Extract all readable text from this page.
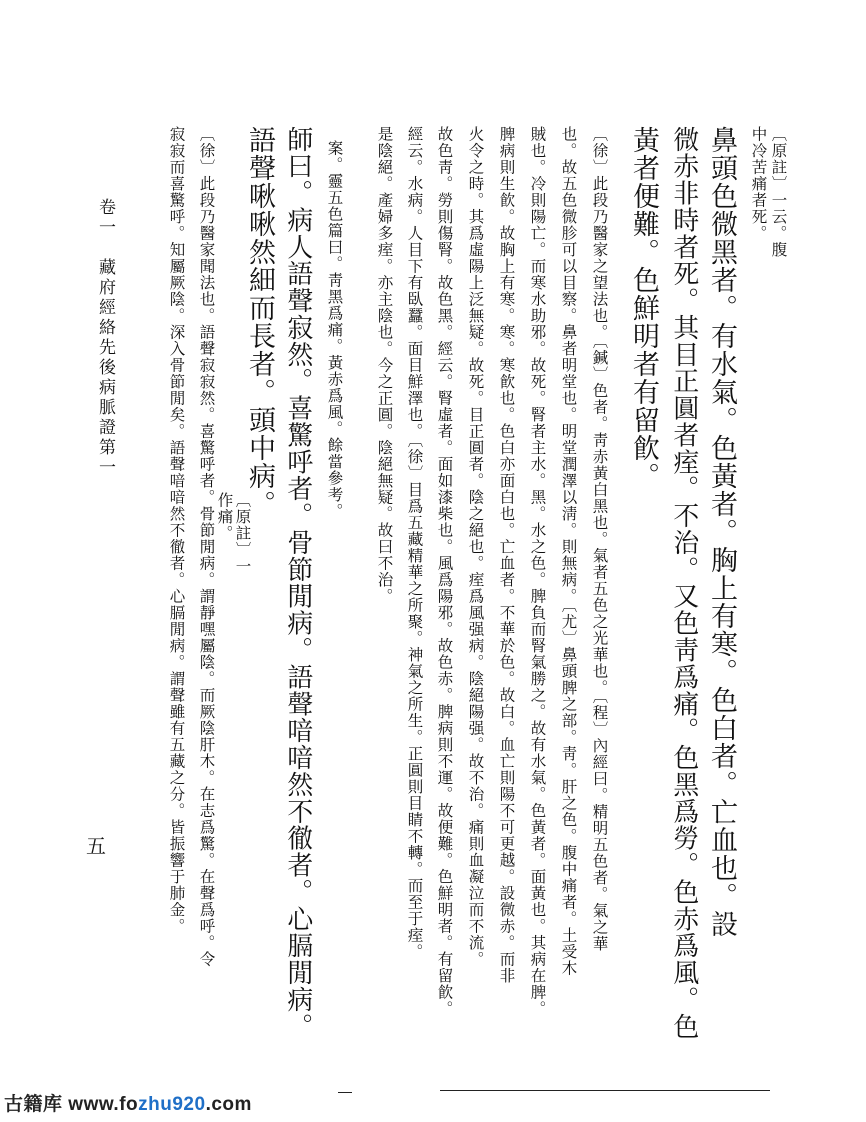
〔原註〕一云。腹
中冷苦痛者死。
鼻頭色微黑者。有水氣。色黃者。胸上有寒。色白者。亡血也。設
微赤非時者死。其目正圓者痓。不治。又色靑爲痛。色黑爲勞。色赤爲風。色
黃者便難。色鮮明者有留飮。
〔徐〕此段乃醫家之望法也。〔鍼〕色者。靑赤黃白黑也。氣者五色之光華也。〔程〕內經曰。精明五色者。氣之華
也。故五色微胗可以目察。鼻者明堂也。明堂潤澤以淸。則無病。〔尤〕鼻頭脾之部。靑。肝之色。腹中痛者。土受木
賊也。冷則陽亡。而寒水助邪。故死。腎者主水。黑。水之色。脾負而腎氣勝之。故有水氣。色黃者。面黃也。其病在脾。
脾病則生飮。故胸上有寒。寒。寒飮也。色白亦面白也。亡血者。不華於色。故白。血亡則陽不可更越。設微赤。而非
火令之時。其爲虛陽上泛無疑。故死。目正圓者。陰之絕也。痓爲風强病。陰絕陽强。故不治。痛則血凝泣而不流。
故色靑。勞則傷腎。故色黑。經云。腎虛者。面如漆柴也。風爲陽邪。故色赤。脾病則不運。故便難。色鮮明者。有留飮。
經云。水病。人目下有臥蠶。面目鮮澤也。〔徐〕目爲五藏精華之所聚。神氣之所生。正圓則目睛不轉。而至于痓。
是陰絕。產婦多痓。亦主陰也。今之正圓。陰絕無疑。故曰不治。
案。靈五色篇曰。靑黑爲痛。黃赤爲風。餘當參考。
師曰。病人語聲寂然。喜驚呼者。骨節閒病。語聲喑喑然不徹者。心膈閒病。
語聲啾啾然細而長者。頭中病。
〔原註〕一
作痛。
〔徐〕此段乃醫家聞法也。語聲寂寂然。喜驚呼者。骨節閒病。謂靜嘿屬陰。而厥陰肝木。在志爲驚。在聲爲呼。令
寂寂而喜驚呼。知屬厥陰。深入骨節閒矣。語聲喑喑然不徹者。心膈閒病。謂聲雖有五藏之分。皆振響于肺金。
卷一
藏府經絡先後病脈證第一
五
古籍库 www.fozhu920.com
